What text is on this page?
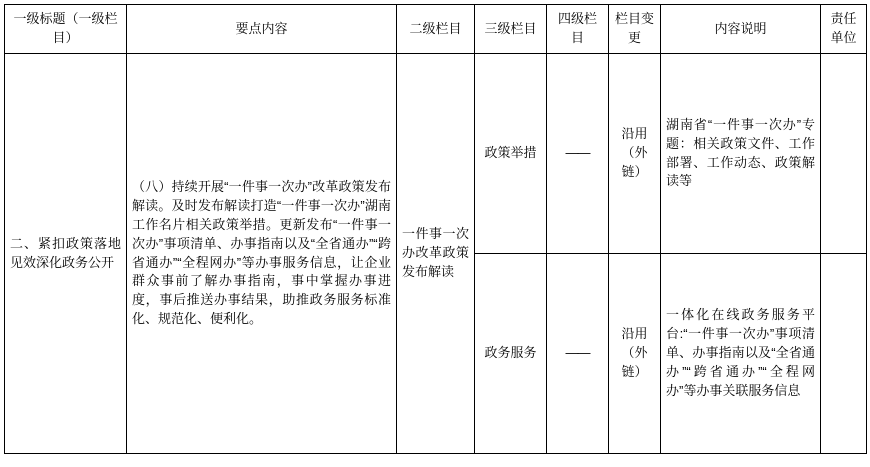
一级标题（一级栏目）	要点内容	二级栏目	三级栏目	四级栏目	栏目变更	内容说明	责任单位
二、紧扣政策落地见效深化政务公开	（八）持续开展“一件事一次办”改革政策发布解读。及时发布解读打造“一件事一次办”湖南工作名片相关政策举措。更新发布“一件事一次办”事项清单、办事指南以及“全省通办”“跨省通办”“全程网办”等办事服务信息，让企业群众事前了解办事指南，事中掌握办事进度，事后推送办事结果，助推政务服务标准化、规范化、便利化。	一件事一次办改革政策发布解读	政策举措	——	沿用（外链）	湖南省“一件事一次办”专题：相关政策文件、工作部署、工作动态、政策解读等	
			政务服务	——	沿用（外链）	一体化在线政务服务平台:“一件事一次办”事项清单、办事指南以及“全省通办”“跨省通办”“全程网办”等办事关联服务信息	
